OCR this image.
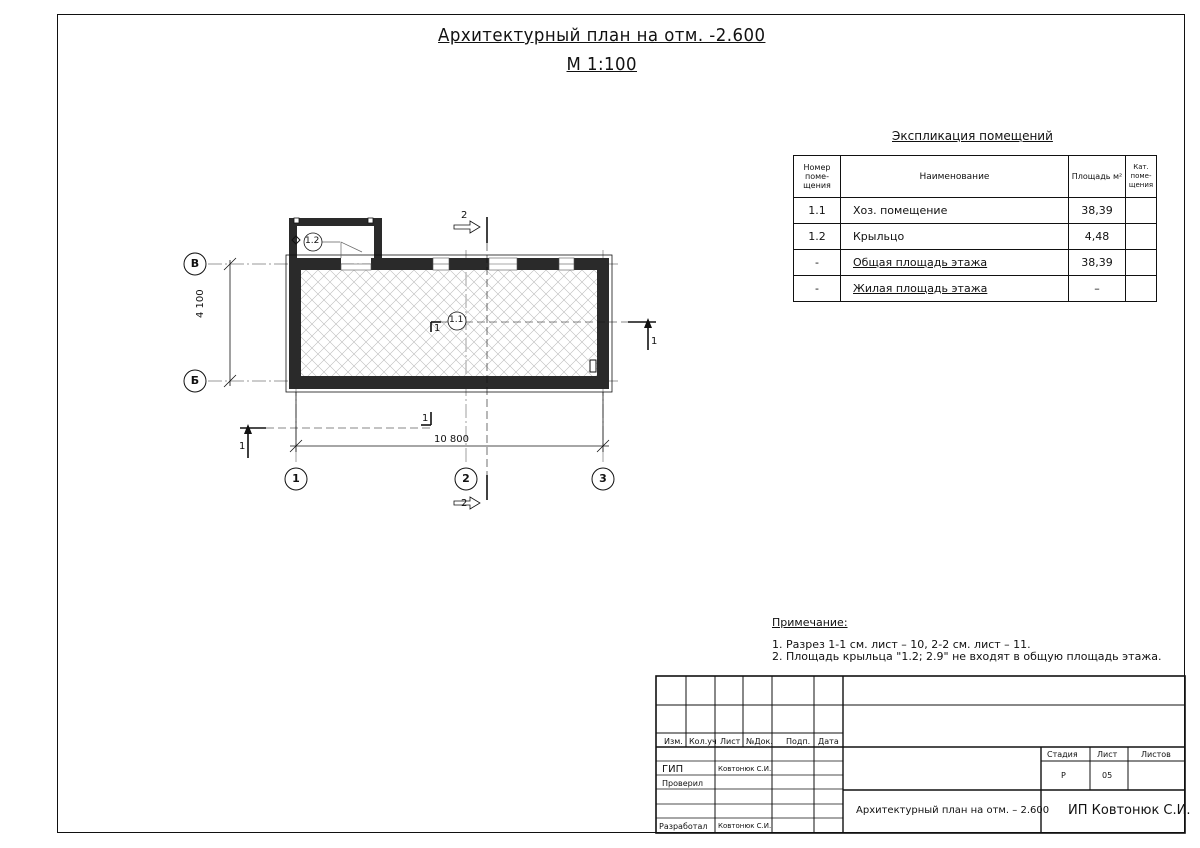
Архитектурный план на отм. -2.600
М 1:100
В
Б
1	2	3
4 100
10 800
1.1
1.2
1
1
1
1
2
2
Экспликация помещений
Номер поме- щения	Наименование	Площадь м²	Кат. поме- щения
1.1	Хоз. помещение	38,39	
1.2	Крыльцо	4,48	
-	Общая площадь этажа	38,39	
-	Жилая площадь этажа	–	
Примечание:
1. Разрез 1-1 см. лист – 10, 2-2 см. лист – 11.
2. Площадь крыльца "1.2; 2.9" не входят в общую площадь этажа.
Изм. Кол.уч Лист №Док. Подп. Дата
ГИП	Ковтонюк С.И.
Проверил
Разработал Ковтонюк С.И.
Стадия Лист	Листов
Р	05
Архитектурный план на отм. – 2.600 ИП Ковтонюк С.И.
